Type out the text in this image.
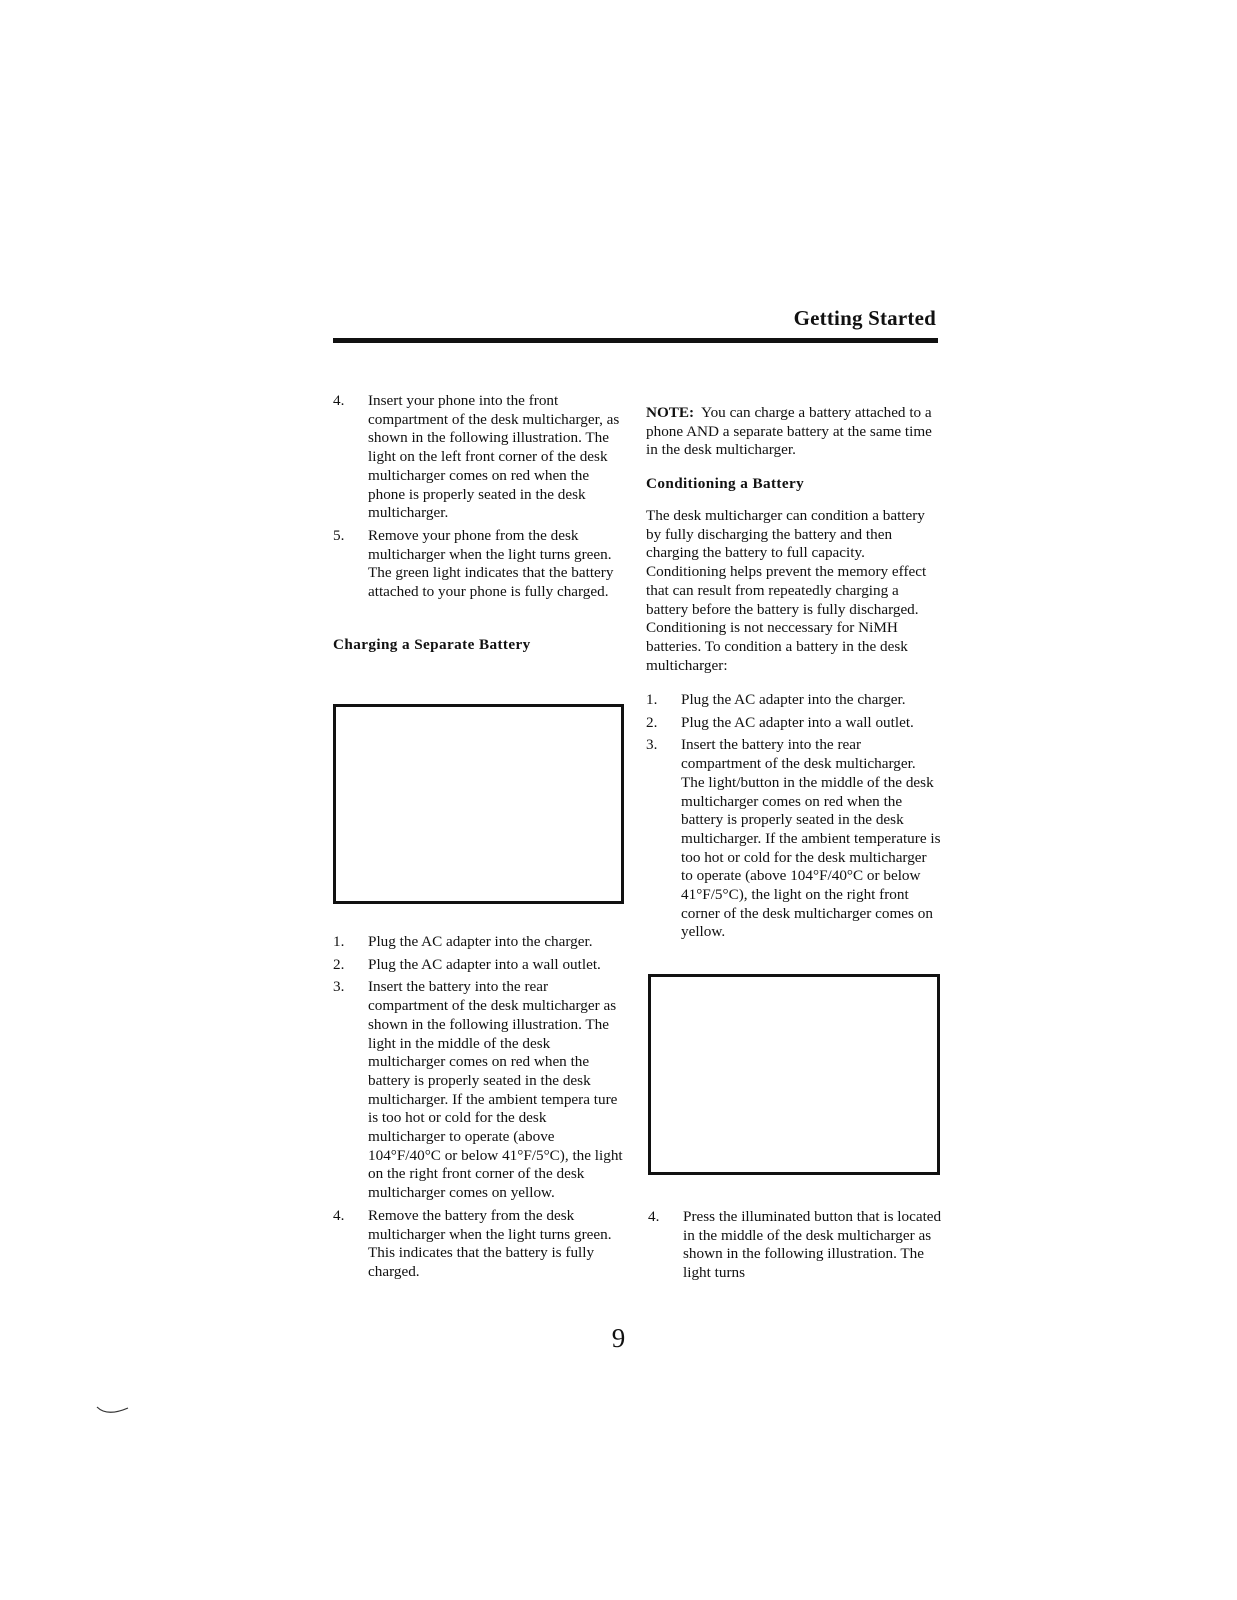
Getting Started
4. Insert your phone into the front compartment of the desk multicharger, as shown in the following illustration. The light on the left front corner of the desk multicharger comes on red when the phone is properly seated in the desk multicharger.

5. Remove your phone from the desk multicharger when the light turns green. The green light indicates that the battery attached to your phone is fully charged.

Charging a Separate Battery
1. Plug the AC adapter into the charger.

2. Plug the AC adapter into a wall outlet.

3. Insert the battery into the rear compartment of the desk multicharger as shown in the following illustration. The light in the middle of the desk multicharger comes on red when the battery is properly seated in the desk multicharger. If the ambient tempera ture is too hot or cold for the desk multicharger to operate (above 104°F/40°C or below 41°F/5°C), the light on the right front corner of the desk multicharger comes on yellow.

4. Remove the battery from the desk multicharger when the light turns green. This indicates that the battery is fully charged.

NOTE: You can charge a battery attached to a phone AND a separate battery at the same time in the desk multicharger.

Conditioning a Battery

The desk multicharger can condition a battery by fully discharging the battery and then charging the battery to full capacity. Conditioning helps prevent the memory effect that can result from repeatedly charging a battery before the battery is fully discharged. Conditioning is not neccessary for NiMH batteries. To condition a battery in the desk multicharger:

1. Plug the AC adapter into the charger.

2. Plug the AC adapter into a wall outlet.

3. Insert the battery into the rear compartment of the desk multicharger. The light/button in the middle of the desk multicharger comes on red when the battery is properly seated in the desk multicharger. If the ambient temperature is too hot or cold for the desk multicharger to operate (above 104°F/40°C or below 41°F/5°C), the light on the right front corner of the desk multicharger comes on yellow.

4. Press the illuminated button that is located in the middle of the desk multicharger as shown in the following illustration. The light turns

9
